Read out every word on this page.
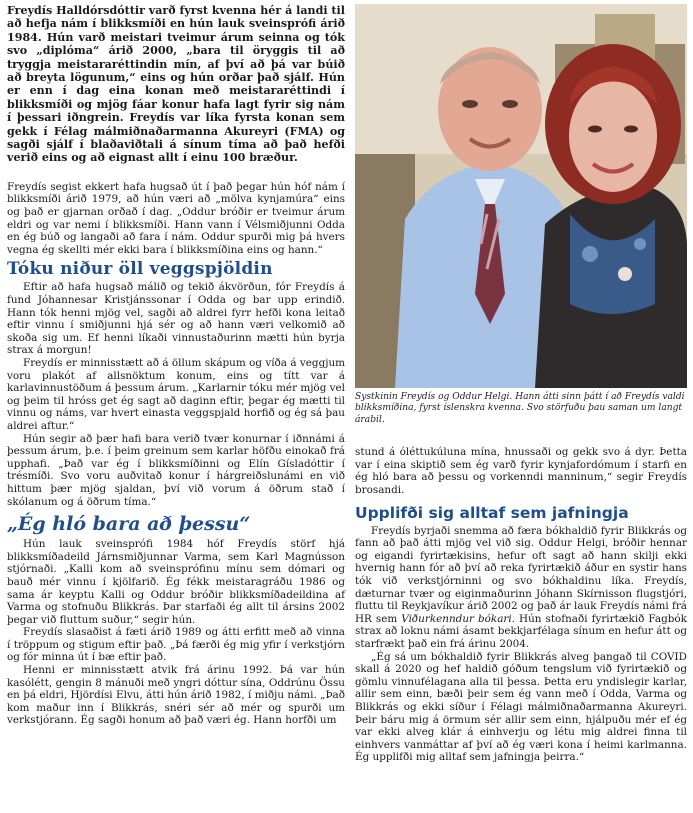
Freydís Halldórsdóttir varð fyrst kvenna hér á landi til að hefja nám í blikksmíði en hún lauk sveinsprófi árið 1984. Hún varð meistari tveimur árum seinna og tók svo „diplóma“ árið 2000, „bara til öryggis til að tryggja meistararéttindin mín, af því að þá var búið að breyta lögunum,“ eins og hún orðar það sjálf. Hún er enn í dag eina konan með meistararéttindi í blikksmíði og mjög fáar konur hafa lagt fyrir sig nám í þessari iðngrein. Freydís var líka fyrsta konan sem gekk í Félag málmiðnaðarmanna Akureyri (FMA) og sagði sjálf í blaðaviðtali á sínum tíma að það hefði verið eins og að eignast allt í einu 100 bræður.

Freydís segist ekkert hafa hugsað út í það þegar hún hóf nám í blikksmíði árið 1979, að hún væri að „mölva kynjamúra“ eins og það er gjarnan orðað í dag. „Oddur bróðir er tveimur árum eldri og var nemi í blikksmíði. Hann vann í Vélsmiðjunni Odda en ég búð og langaði að fara í nám. Oddur spurði mig þá hvers vegna ég skellti mér ekki bara í blikksmíðina eins og hann.“

Tóku niður öll veggspjöldin

Eftir að hafa hugsað málið og tekið ákvörðun, fór Freydís á fund Jóhannesar Kristjánssonar í Odda og bar upp erindið. Hann tók henni mjög vel, sagði að aldrei fyrr hefði kona leitað eftir vinnu í smiðjunni hjá sér og að hann væri velkomið að skoða sig um. Ef henni líkaði vinnustaðurinn mætti hún byrja strax á morgun!

Freydís er minnisstætt að á öllum skápum og víða á veggjum voru plakót af allsnöktum konum, eins og títt var á karlavinnustöðum á þessum árum. „Karlarnir tóku mér mjög vel og þeim til hróss get ég sagt að daginn eftir, þegar ég mætti til vinnu og náms, var hvert einasta veggspjald horfið og ég sá þau aldrei aftur.“

Hún segir að þær hafi bara verið tvær konurnar í iðnnámi á þessum árum, þ.e. í þeim greinum sem karlar höfðu einokað frá upphafi. „Það var ég í blikksmíðinni og Elín Gísladóttir í trésmíði. Svo voru auðvitað konur í hárgreiðslunámi en við hittum þær mjög sjaldan, því við vorum á öðrum stað í skólanum og á öðrum tíma.“

„Ég hló bara að þessu“

Hún lauk sveinsprófi 1984 hóf Freydís störf hjá blikksmíðadeild Járnsmiðjunnar Varma, sem Karl Magnússon stjórnaði. „Kalli kom að sveinsprófinu mínu sem dómari og bauð mér vinnu í kjölfarið. Ég fékk meistaragráðu 1986 og sama ár keyptu Kalli og Oddur bróðir blikksmíðadeildina af Varma og stofnuðu Blikkrás. Þar starfaði ég allt til ársins 2002 þegar við fluttum suður,“ segir hún.

Freydís slasaðist á fæti árið 1989 og átti erfitt með að vinna í tröppum og stigum eftir það. „Þá færði ég mig yfir í verkstjórn og fór minna út í bæ eftir það.

Henni er minnisstætt atvik frá árinu 1992. Þá var hún kasólétt, gengin 8 mánuði með yngri dóttur sína, Oddrúnu Össu en þá eldri, Hjördísi Elvu, átti hún árið 1982, í miðju námi. „Það kom maður inn í Blikkrás, snéri sér að mér og spurði um verkstjórann. Ég sagði honum að það væri ég. Hann horfði um

Systkinin Freydís og Oddur Helgi. Hann átti sinn þátt í að Freydís valdi blikksmíðina, fyrst íslenskra kvenna. Svo störfuðu þau saman um langt árabil.

stund á óléttukúluna mína, hnussaði og gekk svo á dyr. Þetta var í eina skiptið sem ég varð fyrir kynjafordómum í starfi en ég hló bara að þessu og vorkenndi manninum,“ segir Freydís brosandi.

Upplifði sig alltaf sem jafningja

Freydís byrjaði snemma að færa bókhaldið fyrir Blikkrás og fann að það átti mjög vel við sig. Oddur Helgi, bróðir hennar og eigandi fyrirtækisins, hefur oft sagt að hann skilji ekki hvernig hann fór að því að reka fyrirtækið áður en systir hans tók við verkstjórninni og svo bókhaldinu líka. Freydís, dæturnar tvær og eiginmaðurinn Jóhann Skírnisson flugstjóri, fluttu til Reykjavíkur árið 2002 og það ár lauk Freydís námi frá HR sem Viðurkenndur bókari. Hún stofnaði fyrirtækið Fagbók strax að loknu námi ásamt bekkjarfélaga sínum en hefur átt og starfrækt það ein frá árinu 2004.

„Ég sá um bókhaldið fyrir Blikkrás alveg þangað til COVID skall á 2020 og hef haldið góðum tengslum við fyrirtækið og gömlu vinnufélagana alla til þessa. Þetta eru yndislegir karlar, allir sem einn, bæði þeir sem ég vann með í Odda, Varma og Blikkrás og ekki síður í Félagi málmiðnaðarmanna Akureyri. Þeir báru mig á örmum sér allir sem einn, hjálpuðu mér ef ég var ekki alveg klár á einhverju og létu mig aldrei finna til einhvers vanmáttar af því að ég væri kona í heimi karlmanna. Ég upplifði mig alltaf sem jafningja þeirra.“
